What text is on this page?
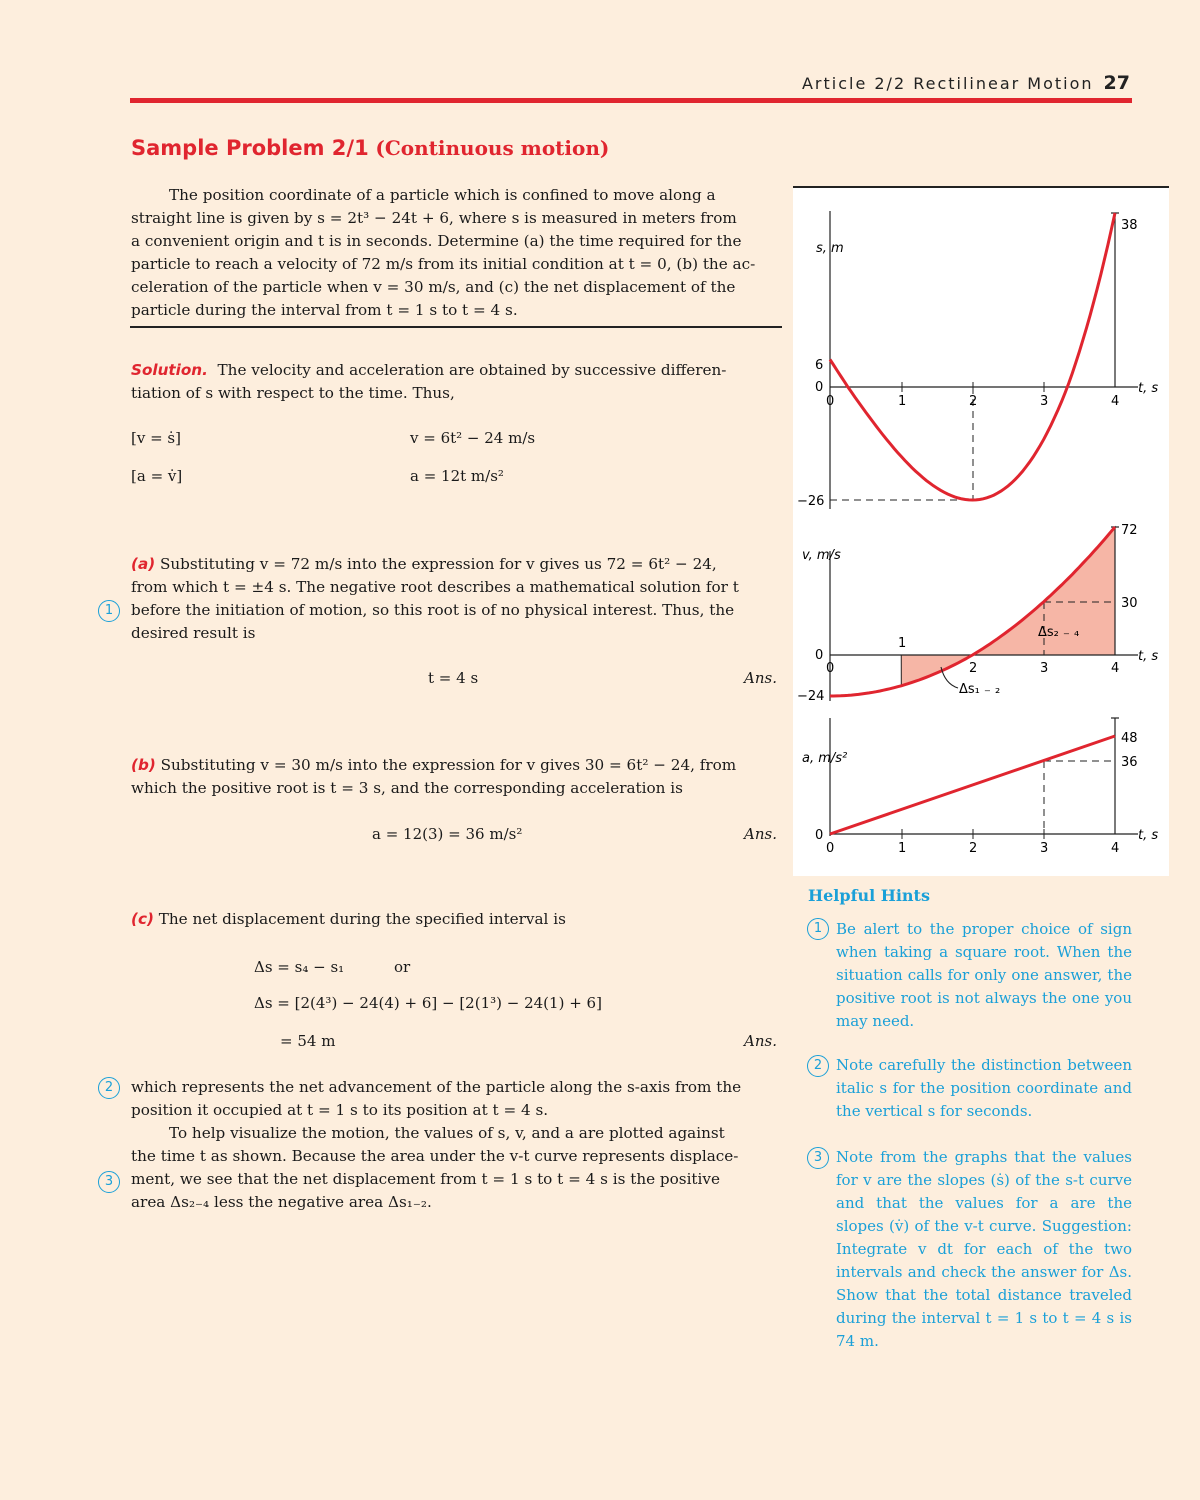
Article 2/2 Rectilinear Motion 27
Sample Problem 2/1 (Continuous motion)
The position coordinate of a particle which is confined to move along a
straight line is given by s = 2t³ − 24t + 6, where s is measured in meters from
a convenient origin and t is in seconds. Determine (a) the time required for the
particle to reach a velocity of 72 m/s from its initial condition at t = 0, (b) the ac-
celeration of the particle when v = 30 m/s, and (c) the net displacement of the
particle during the interval from t = 1 s to t = 4 s.
Solution. The velocity and acceleration are obtained by successive differen-
tiation of s with respect to the time. Thus,
[v = ṡ]	v = 6t² − 24 m/s
[a = v̇]	a = 12t m/s²
(a) Substituting v = 72 m/s into the expression for v gives us 72 = 6t² − 24,
from which t = ±4 s. The negative root describes a mathematical solution for t
before the initiation of motion, so this root is of no physical interest. Thus, the
desired result is
t = 4 s	Ans.
(b) Substituting v = 30 m/s into the expression for v gives 30 = 6t² − 24, from
which the positive root is t = 3 s, and the corresponding acceleration is
a = 12(3) = 36 m/s²	Ans.
(c) The net displacement during the specified interval is
Δs = s₄ − s₁	or
Δs = [2(4³) − 24(4) + 6] − [2(1³) − 24(1) + 6]
= 54 m	Ans.
which represents the net advancement of the particle along the s-axis from the
position it occupied at t = 1 s to its position at t = 4 s.
To help visualize the motion, the values of s, v, and a are plotted against
the time t as shown. Because the area under the v-t curve represents displace-
ment, we see that the net displacement from t = 1 s to t = 4 s is the positive
area Δs₂₋₄ less the negative area Δs₁₋₂.
1
2
3
s, m
t, s
38
6
0
−26
0	1	2	3	4
v, m/s
t, s
72
30
0
−24
1
0	2	3	4
Δs₂ ₋ ₄
Δs₁ ₋ ₂
a, m/s²
t, s
48
36
0
0	1	2	3	4
Helpful Hints
1 Be alert to the proper choice of sign when taking a square root. When the situation calls for only one answer, the positive root is not always the one you may need.
2 Note carefully the distinction between italic s for the position coordinate and the vertical s for seconds.
3 Note from the graphs that the values for v are the slopes (ṡ) of the s-t curve and that the values for a are the slopes (v̇) of the v-t curve. Suggestion: Integrate v dt for each of the two intervals and check the answer for Δs. Show that the total distance traveled during the interval t = 1 s to t = 4 s is 74 m.
